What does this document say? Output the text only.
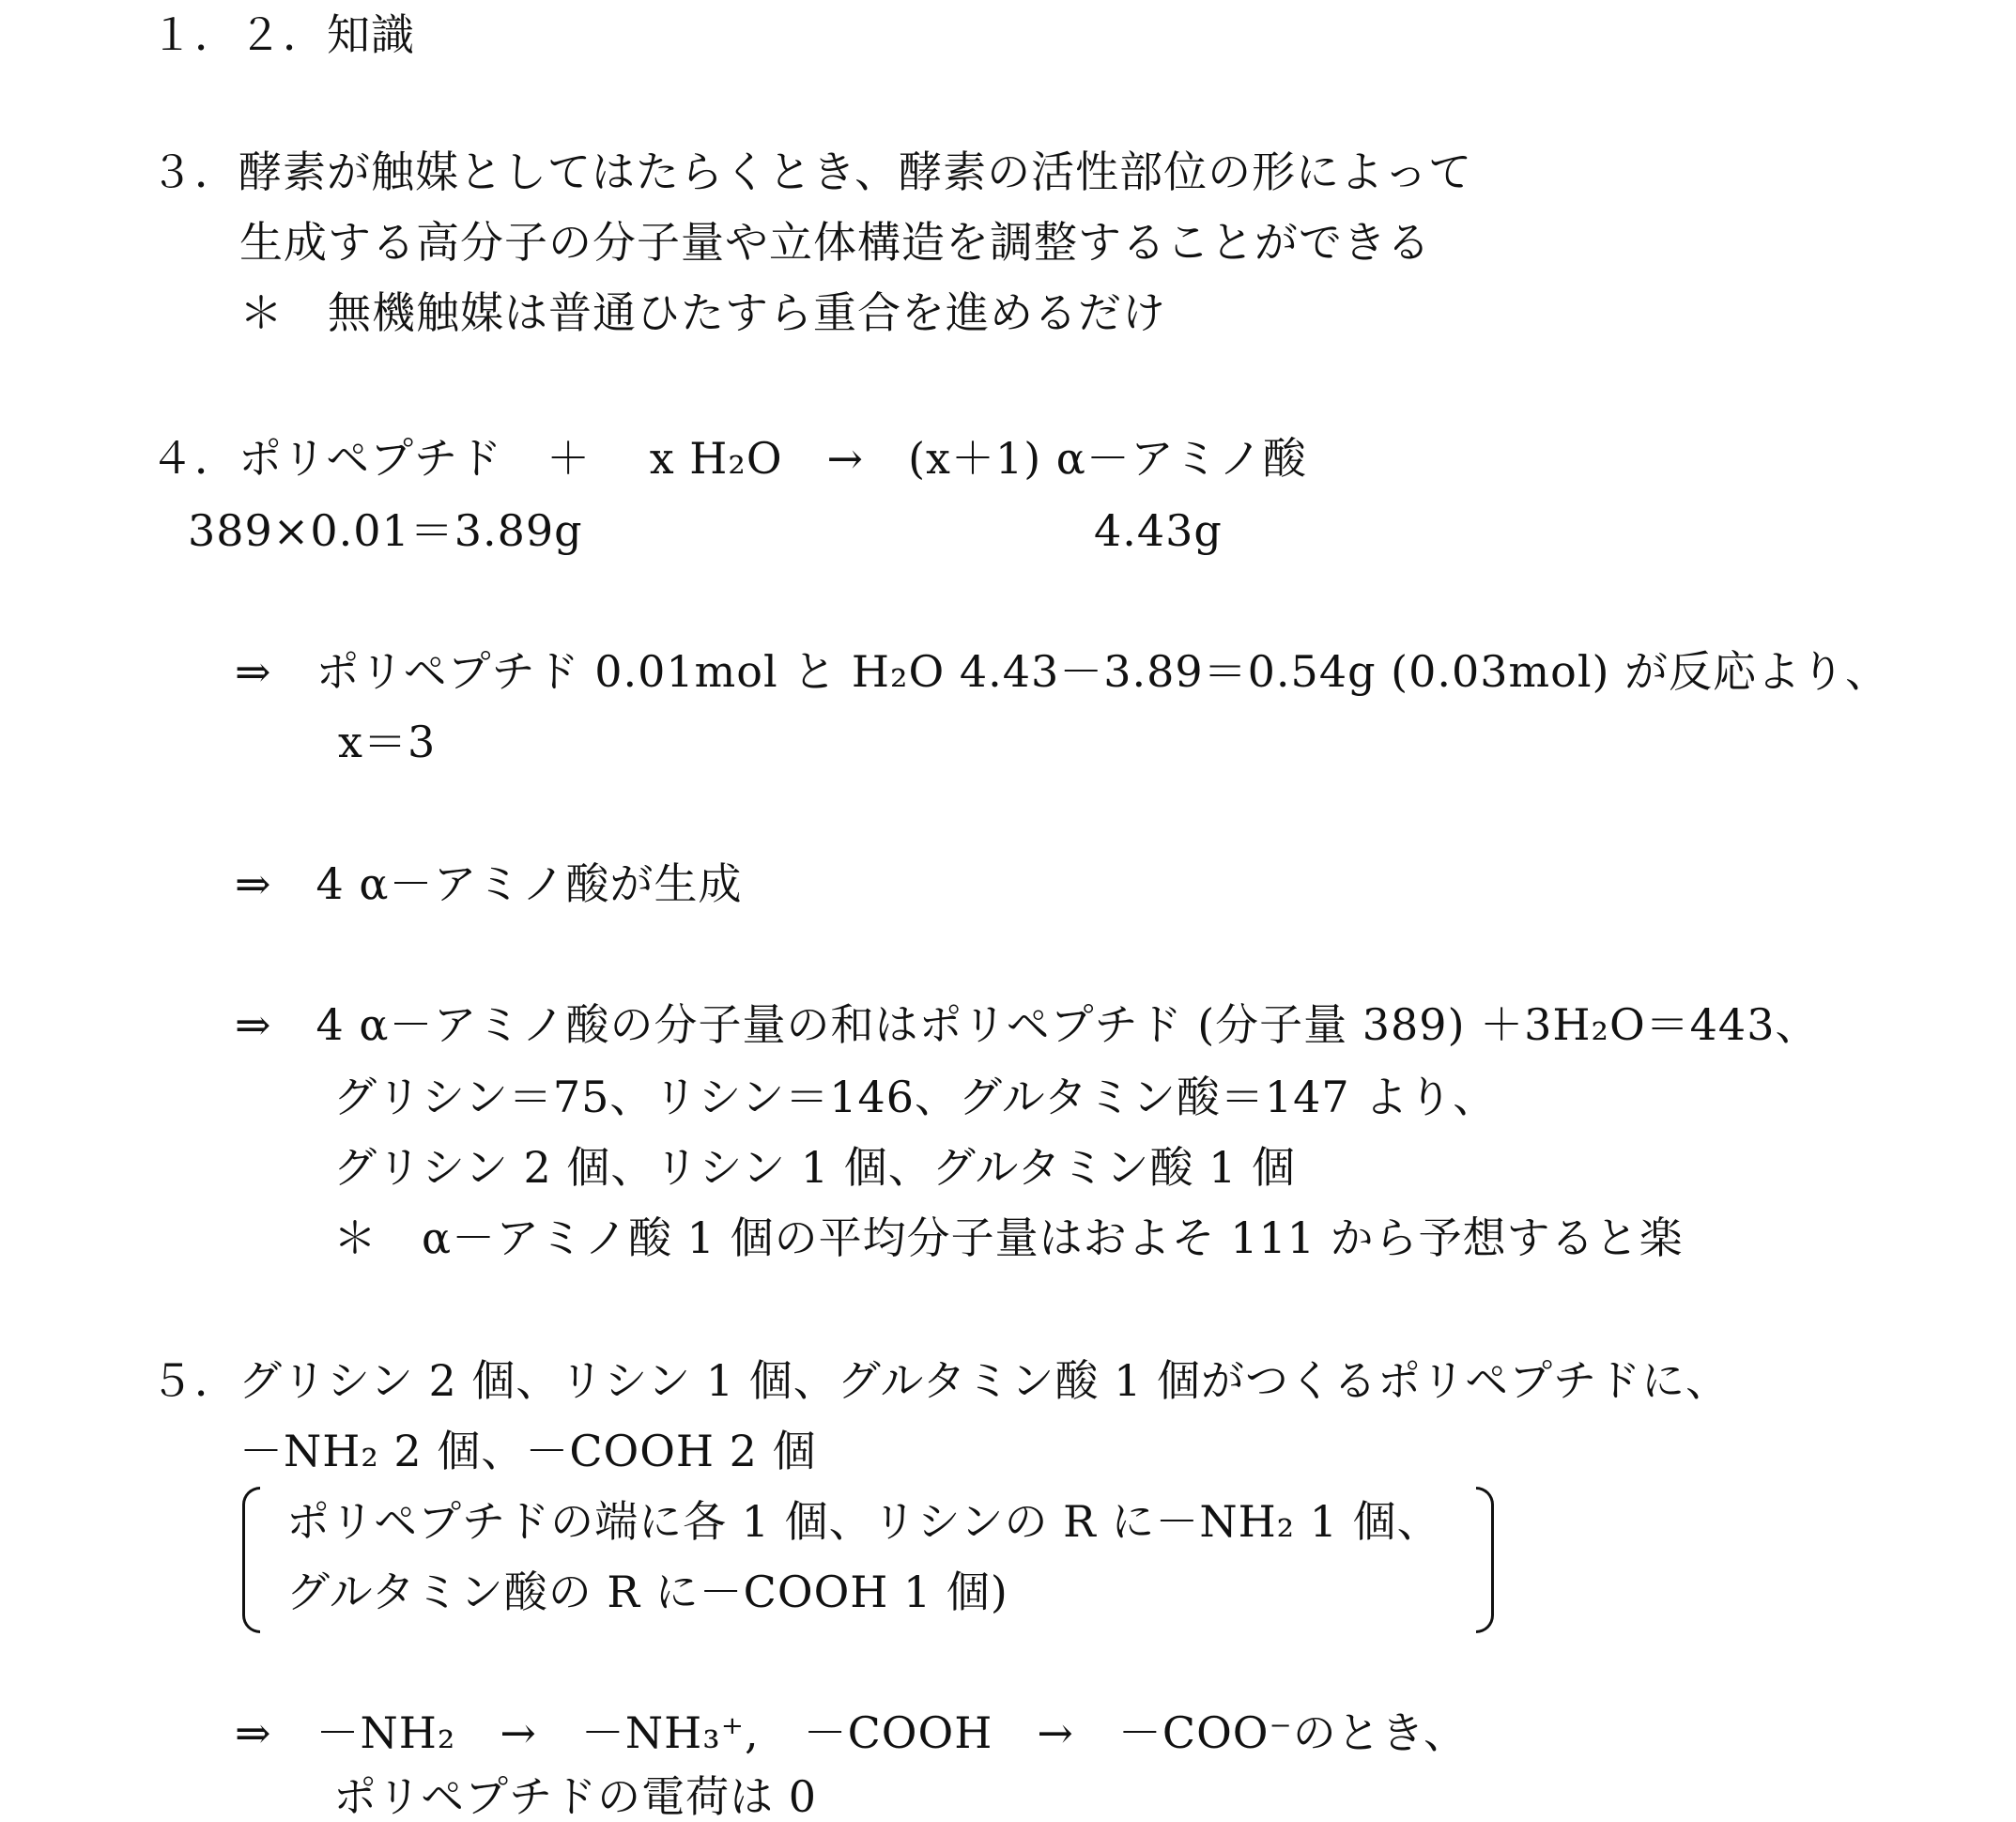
１．２．知識
３．酵素が触媒としてはたらくとき、酵素の活性部位の形によって
生成する高分子の分子量や立体構造を調整することができる
＊　無機触媒は普通ひたすら重合を進めるだけ
４．ポリペプチド　＋　 x H₂O　→　(x＋1) α－アミノ酸
389×0.01＝3.89g	4.43g
⇒　ポリペプチド 0.01mol と H₂O 4.43－3.89＝0.54g (0.03mol) が反応より、
x＝3
⇒　4 α－アミノ酸が生成
⇒　4 α－アミノ酸の分子量の和はポリペプチド (分子量 389) ＋3H₂O＝443、
グリシン＝75、リシン＝146、グルタミン酸＝147 より、
グリシン 2 個、リシン 1 個、グルタミン酸 1 個
＊　α－アミノ酸 1 個の平均分子量はおよそ 111 から予想すると楽
５．グリシン 2 個、リシン 1 個、グルタミン酸 1 個がつくるポリペプチドに、
－NH₂ 2 個、－COOH 2 個
ポリペプチドの端に各 1 個、リシンの R に－NH₂ 1 個、
グルタミン酸の R に－COOH 1 個)
⇒　－NH₂　→　－NH₃⁺,　－COOH　→　－COO⁻のとき、
ポリペプチドの電荷は 0
